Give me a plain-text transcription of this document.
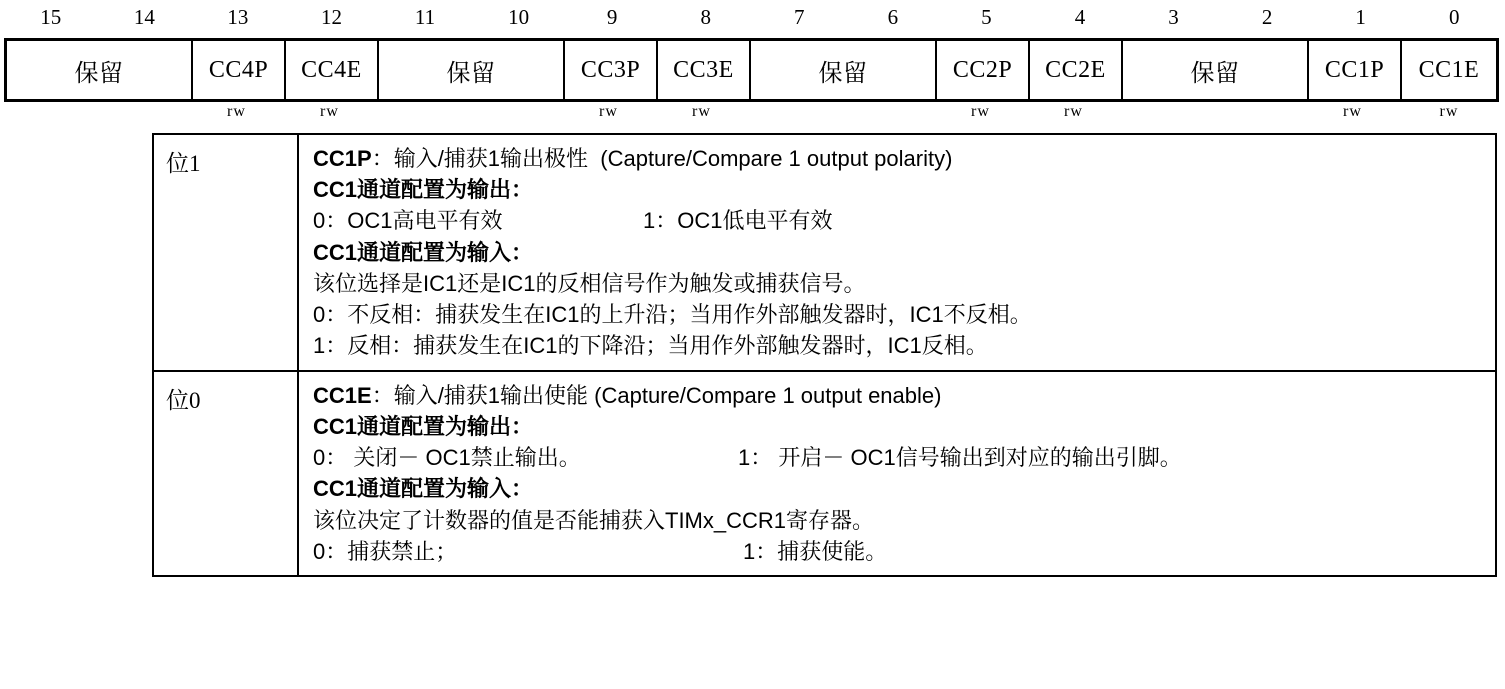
15	14	13	12	11	10	9	8	7	6	5	4	3	2	1	0
保留	CC4P	CC4E	保留	CC3P	CC3E	保留	CC2P	CC2E	保留	CC1P	CC1E
rw	rw	rw	rw	rw	rw	rw	rw
位1	CC1P：输入/捕获1输出极性  (Capture/Compare 1 output polarity)
CC1通道配置为输出：
0：OC1高电平有效	1：OC1低电平有效
CC1通道配置为输入：
该位选择是IC1还是IC1的反相信号作为触发或捕获信号。
0：不反相：捕获发生在IC1的上升沿；当用作外部触发器时，IC1不反相。
1：反相：捕获发生在IC1的下降沿；当用作外部触发器时，IC1反相。
位0	CC1E：输入/捕获1输出使能 (Capture/Compare 1 output enable)
CC1通道配置为输出：
0： 关闭－ OC1禁止输出。	1： 开启－ OC1信号输出到对应的输出引脚。
CC1通道配置为输入：
该位决定了计数器的值是否能捕获入TIMx_CCR1寄存器。
0：捕获禁止；	1：捕获使能。
